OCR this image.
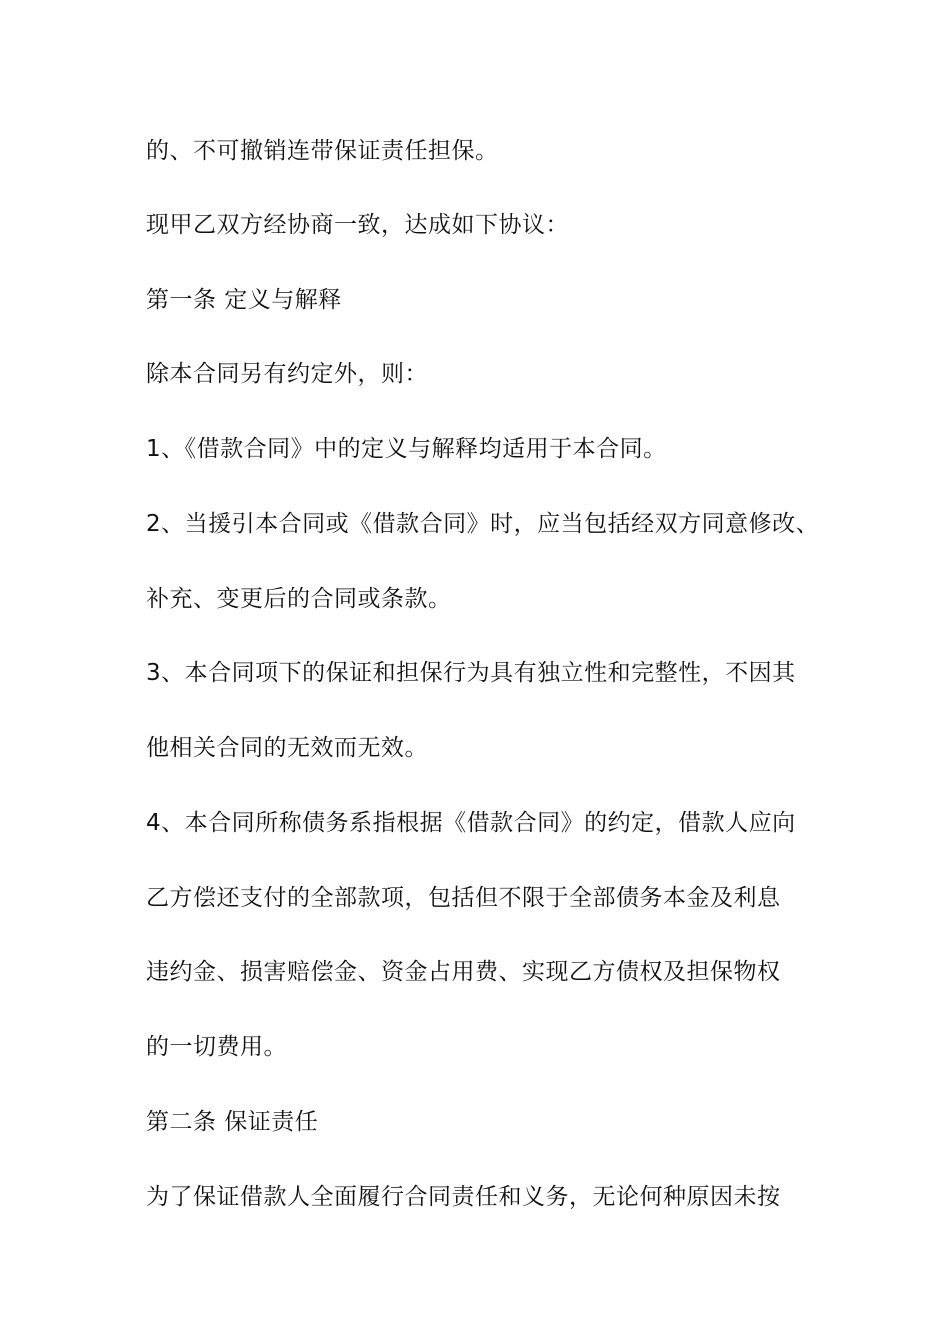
的、不可撤销连带保证责任担保。
现甲乙双方经协商一致，达成如下协议：
第一条 定义与解释
除本合同另有约定外，则：
1、《借款合同》中的定义与解释均适用于本合同。
2、当援引本合同或《借款合同》时，应当包括经双方同意修改、
补充、变更后的合同或条款。
3、本合同项下的保证和担保行为具有独立性和完整性，不因其
他相关合同的无效而无效。
4、本合同所称债务系指根据《借款合同》的约定，借款人应向
乙方偿还支付的全部款项，包括但不限于全部债务本金及利息
违约金、损害赔偿金、资金占用费、实现乙方债权及担保物权
的一切费用。
第二条 保证责任
为了保证借款人全面履行合同责任和义务，无论何种原因未按
